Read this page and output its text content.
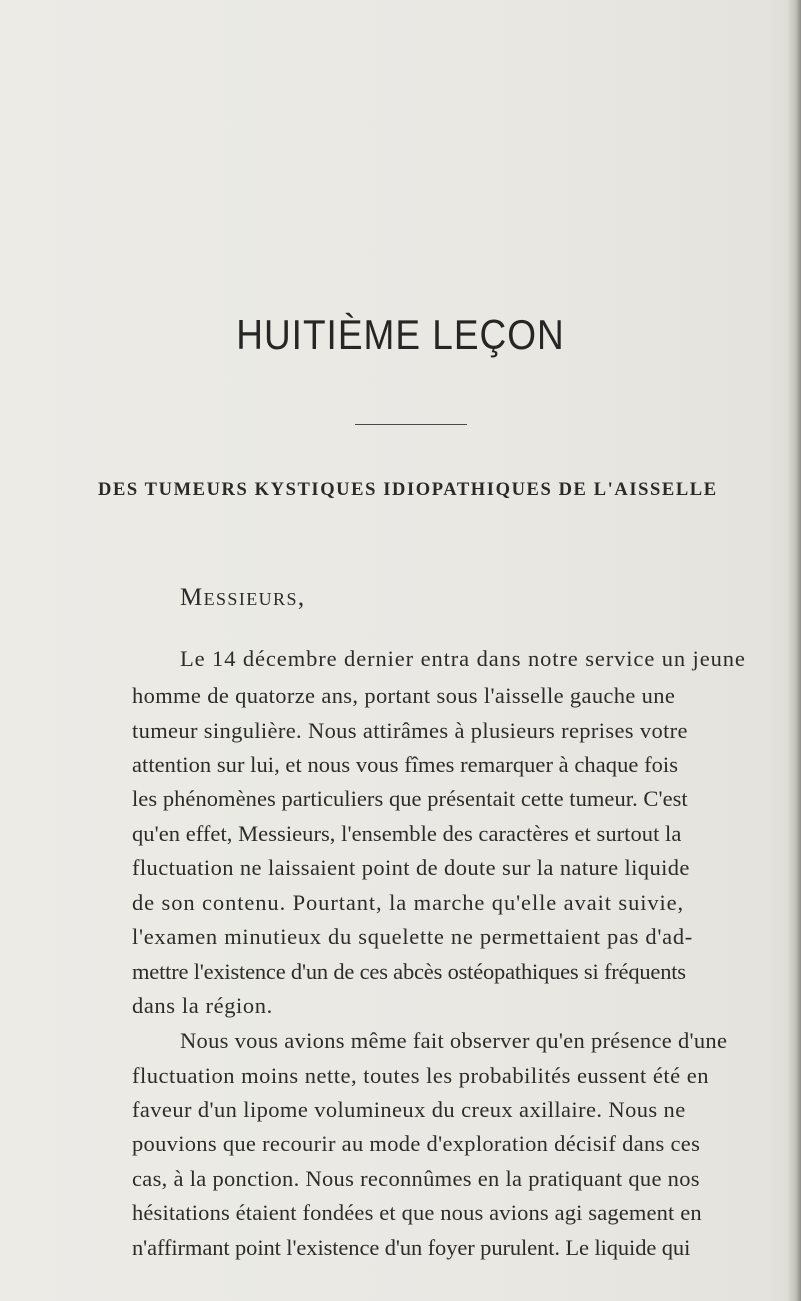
HUITIÈME LEÇON
DES TUMEURS KYSTIQUES IDIOPATHIQUES DE L'AISSELLE

Messieurs,

Le 14 décembre dernier entra dans notre service un jeune

homme de quatorze ans, portant sous l'aisselle gauche une

tumeur singulière. Nous attirâmes à plusieurs reprises votre

attention sur lui, et nous vous fîmes remarquer à chaque fois

les phénomènes particuliers que présentait cette tumeur. C'est

qu'en effet, Messieurs, l'ensemble des caractères et surtout la

fluctuation ne laissaient point de doute sur la nature liquide

de son contenu. Pourtant, la marche qu'elle avait suivie,

l'examen minutieux du squelette ne permettaient pas d'ad-

mettre l'existence d'un de ces abcès ostéopathiques si fréquents

dans la région.

Nous vous avions même fait observer qu'en présence d'une

fluctuation moins nette, toutes les probabilités eussent été en

faveur d'un lipome volumineux du creux axillaire. Nous ne

pouvions que recourir au mode d'exploration décisif dans ces

cas, à la ponction. Nous reconnûmes en la pratiquant que nos

hésitations étaient fondées et que nous avions agi sagement en

n'affirmant point l'existence d'un foyer purulent. Le liquide qui
